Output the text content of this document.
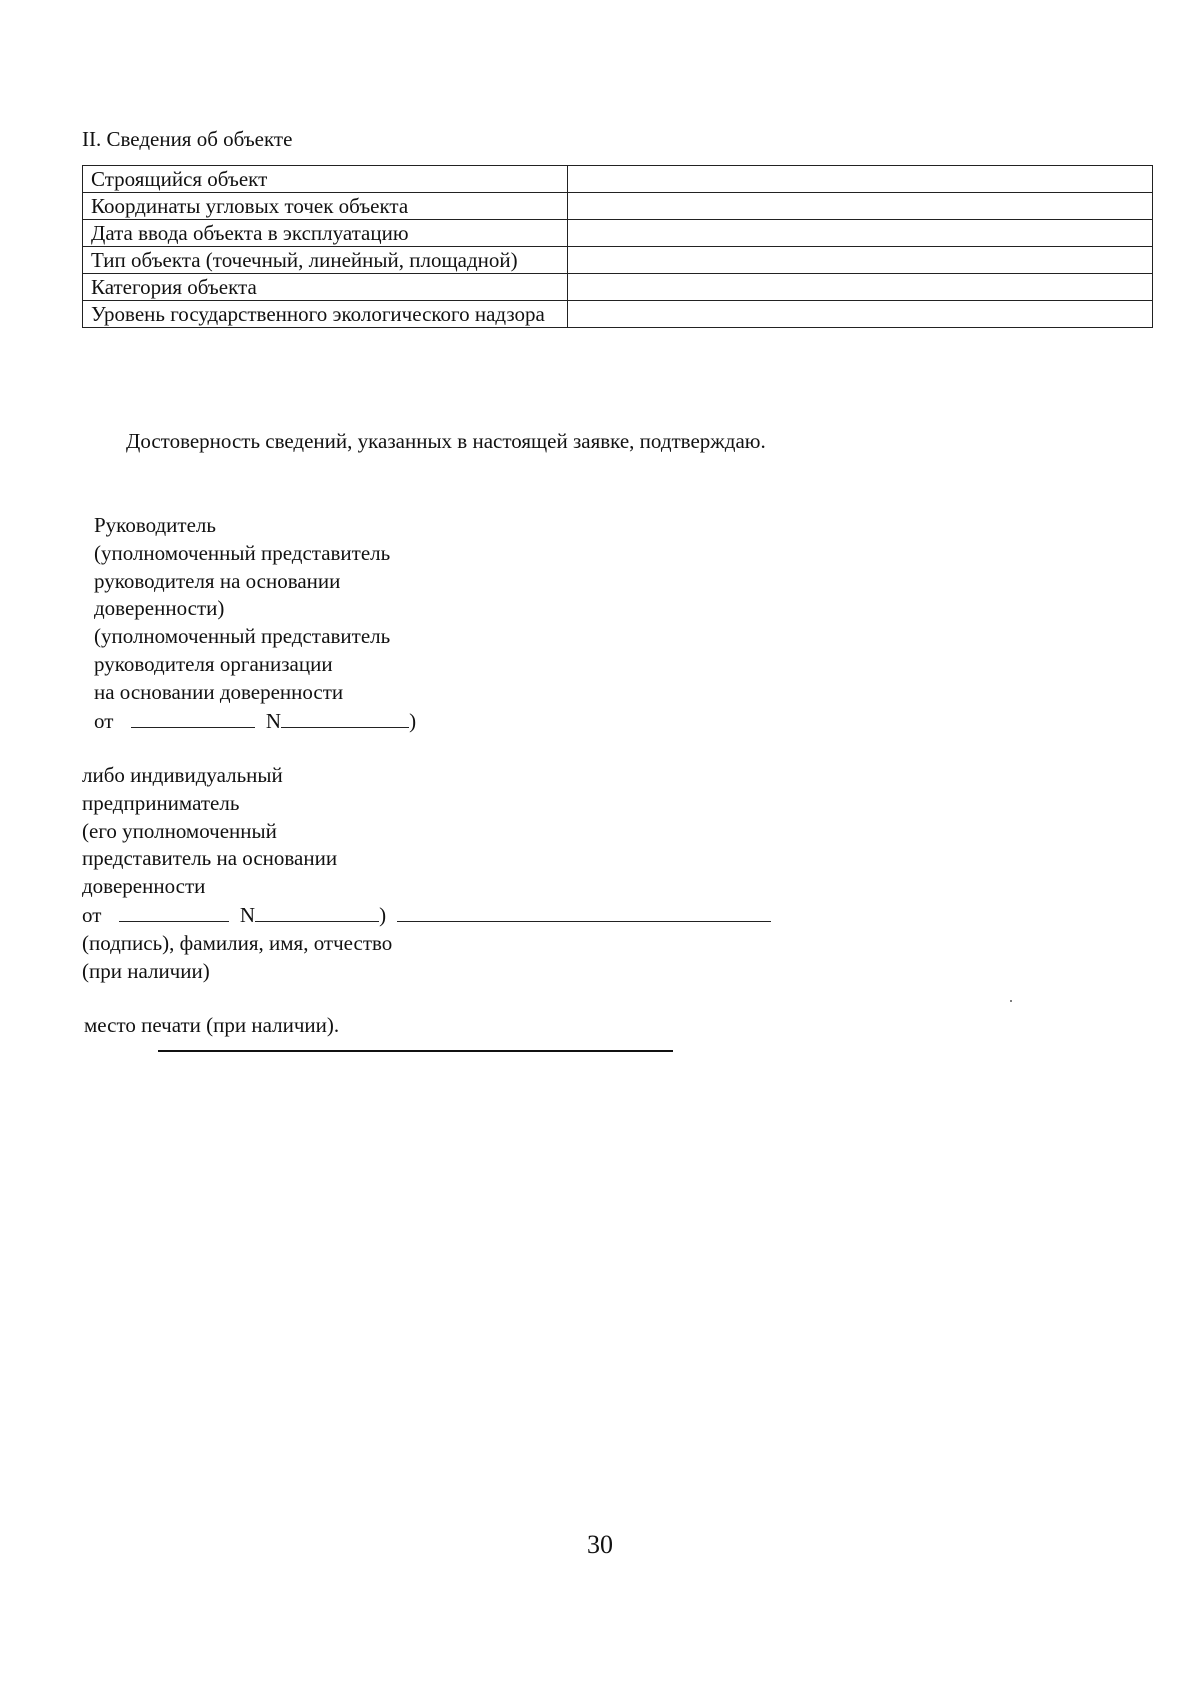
II. Сведения об объекте
Строящийся объект	
Координаты угловых точек объекта	
Дата ввода объекта в эксплуатацию	
Тип объекта (точечный, линейный, площадной)	
Категория объекта	
Уровень государственного экологического надзора	
Достоверность сведений, указанных в настоящей заявке, подтверждаю.
Руководитель
(уполномоченный представитель
руководителя на основании
доверенности)
(уполномоченный представитель
руководителя организации
на основании доверенности
от	N	)
либо индивидуальный
предприниматель
(его уполномоченный
представитель на основании
доверенности
от	N	)
(подпись), фамилия, имя, отчество
(при наличии)
место печати (при наличии).
30
